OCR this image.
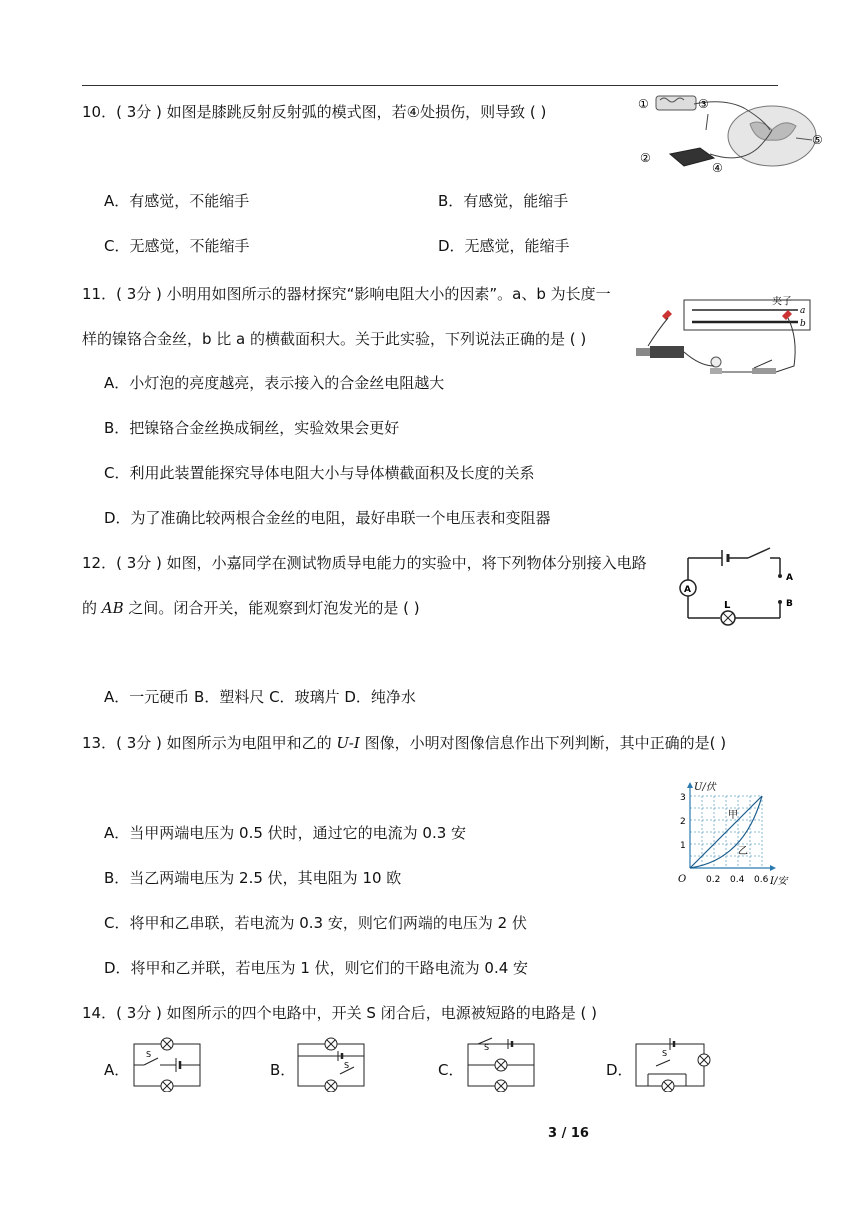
10．( 3分 ) 如图是膝跳反射反射弧的模式图，若④处损伤，则导致 ( )
A．有感觉，不能缩手	B．有感觉，能缩手
C．无感觉，不能缩手	D．无感觉，能缩手
①
②
③
④
⑤
11．( 3分 ) 小明用如图所示的器材探究“影响电阻大小的因素”。a、b 为长度一
样的镍铬合金丝，b 比 a 的横截面积大。关于此实验，下列说法正确的是 ( )
A．小灯泡的亮度越亮，表示接入的合金丝电阻越大
B．把镍铬合金丝换成铜丝，实验效果会更好
C．利用此装置能探究导体电阻大小与导体横截面积及长度的关系
D．为了准确比较两根合金丝的电阻，最好串联一个电压表和变阻器
a
b
夹子
12．( 3分 ) 如图，小嘉同学在测试物质导电能力的实验中，将下列物体分别接入电路
的 AB 之间。闭合开关，能观察到灯泡发光的是 ( )
A．一元硬币 B．塑料尺 C．玻璃片 D．纯净水
A
B
L
A
13．( 3分 ) 如图所示为电阻甲和乙的 U-I 图像，小明对图像信息作出下列判断，其中正确的是( )
A．当甲两端电压为 0.5 伏时，通过它的电流为 0.3 安
B．当乙两端电压为 2.5 伏，其电阻为 10 欧
C．将甲和乙串联，若电流为 0.3 安，则它们两端的电压为 2 伏
D．将甲和乙并联，若电压为 1 伏，则它们的干路电流为 0.4 安
U/伏
I/安
O 0.2 0.4 0.6
1
2
3
甲
乙
14．( 3分 ) 如图所示的四个电路中，开关 S 闭合后，电源被短路的电路是 ( )
A．
S
B．	S	C．
S
D．
S
3 / 16
